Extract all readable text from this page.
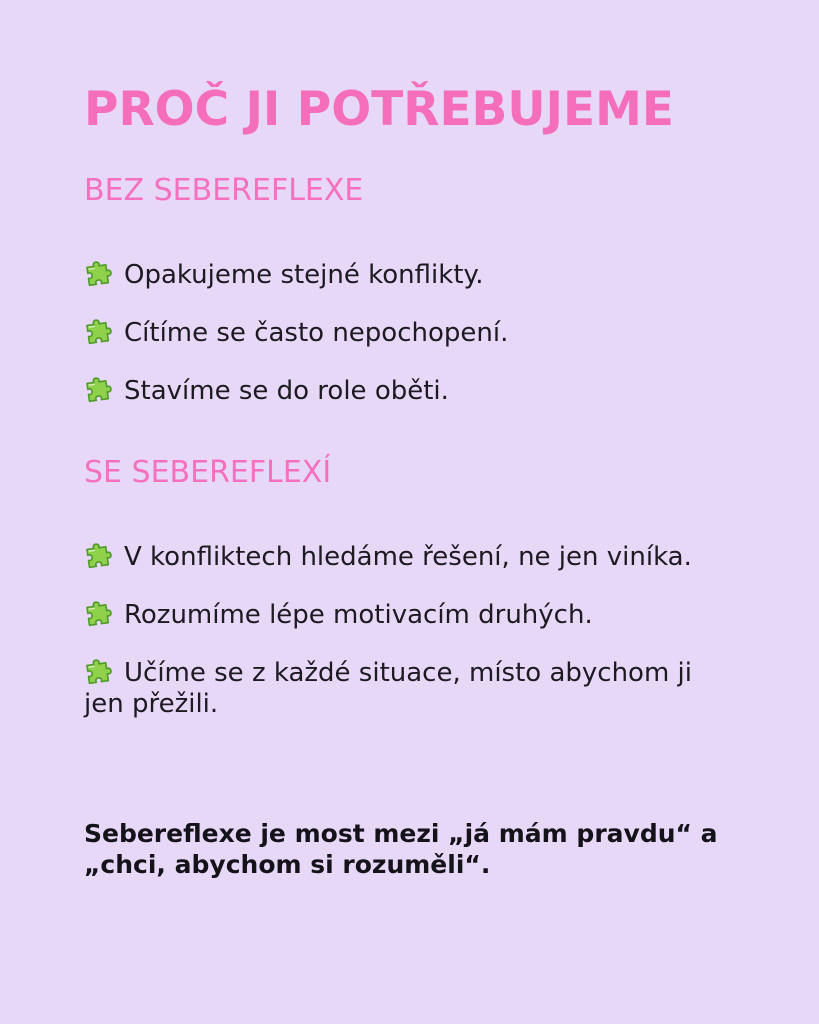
PROČ JI POTŘEBUJEME
BEZ SEBEREFLEXE
Opakujeme stejné konflikty.
Cítíme se často nepochopení.
Stavíme se do role oběti.
SE SEBEREFLEXÍ
V konfliktech hledáme řešení, ne jen viníka.
Rozumíme lépe motivacím druhých.
Učíme se z každé situace, místo abychom ji jen přežili.

Sebereflexe je most mezi „já mám pravdu“ a „chci, abychom si rozuměli“.
